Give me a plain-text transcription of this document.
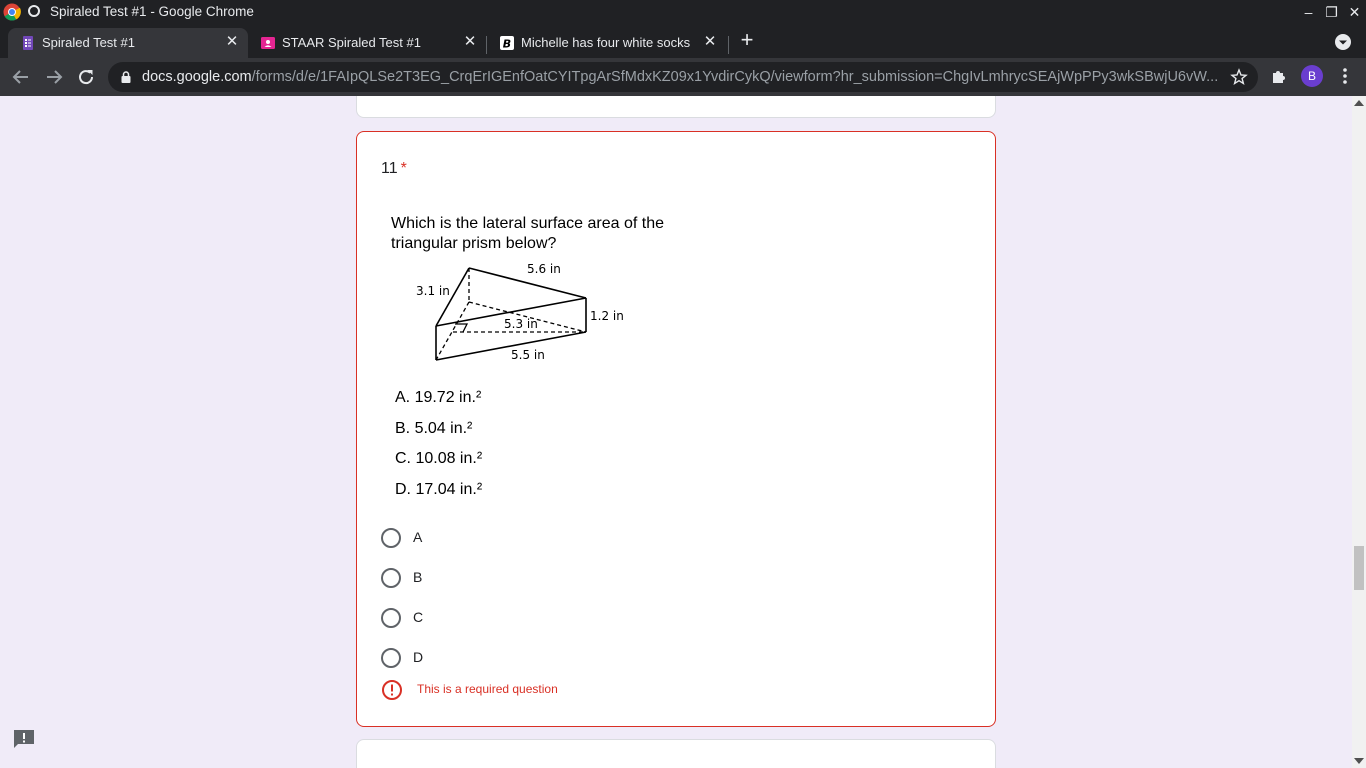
Spiraled Test #1 - Google Chrome	– ❐ ✕
Spiraled Test #1	✕	STAAR Spiraled Test #1	✕	B Michelle has four white socks ✕ +
docs.google.com/forms/d/e/1FAIpQLSe2T3EG_CrqErIGEnfOatCYITpgArSfMdxKZ09x1YvdirCykQ/viewform?hr_submission=ChgIvLmhrycSEAjWpPPy3wkSBwjU6vW...	B
11 *
Which is the lateral surface area of the
triangular prism below?
5.6 in
3.1 in
1.2 in
5.3 in
5.5 in
A. 19.72 in.²
B. 5.04 in.²
C. 10.08 in.²
D. 17.04 in.²
A
B
C
D
This is a required question
